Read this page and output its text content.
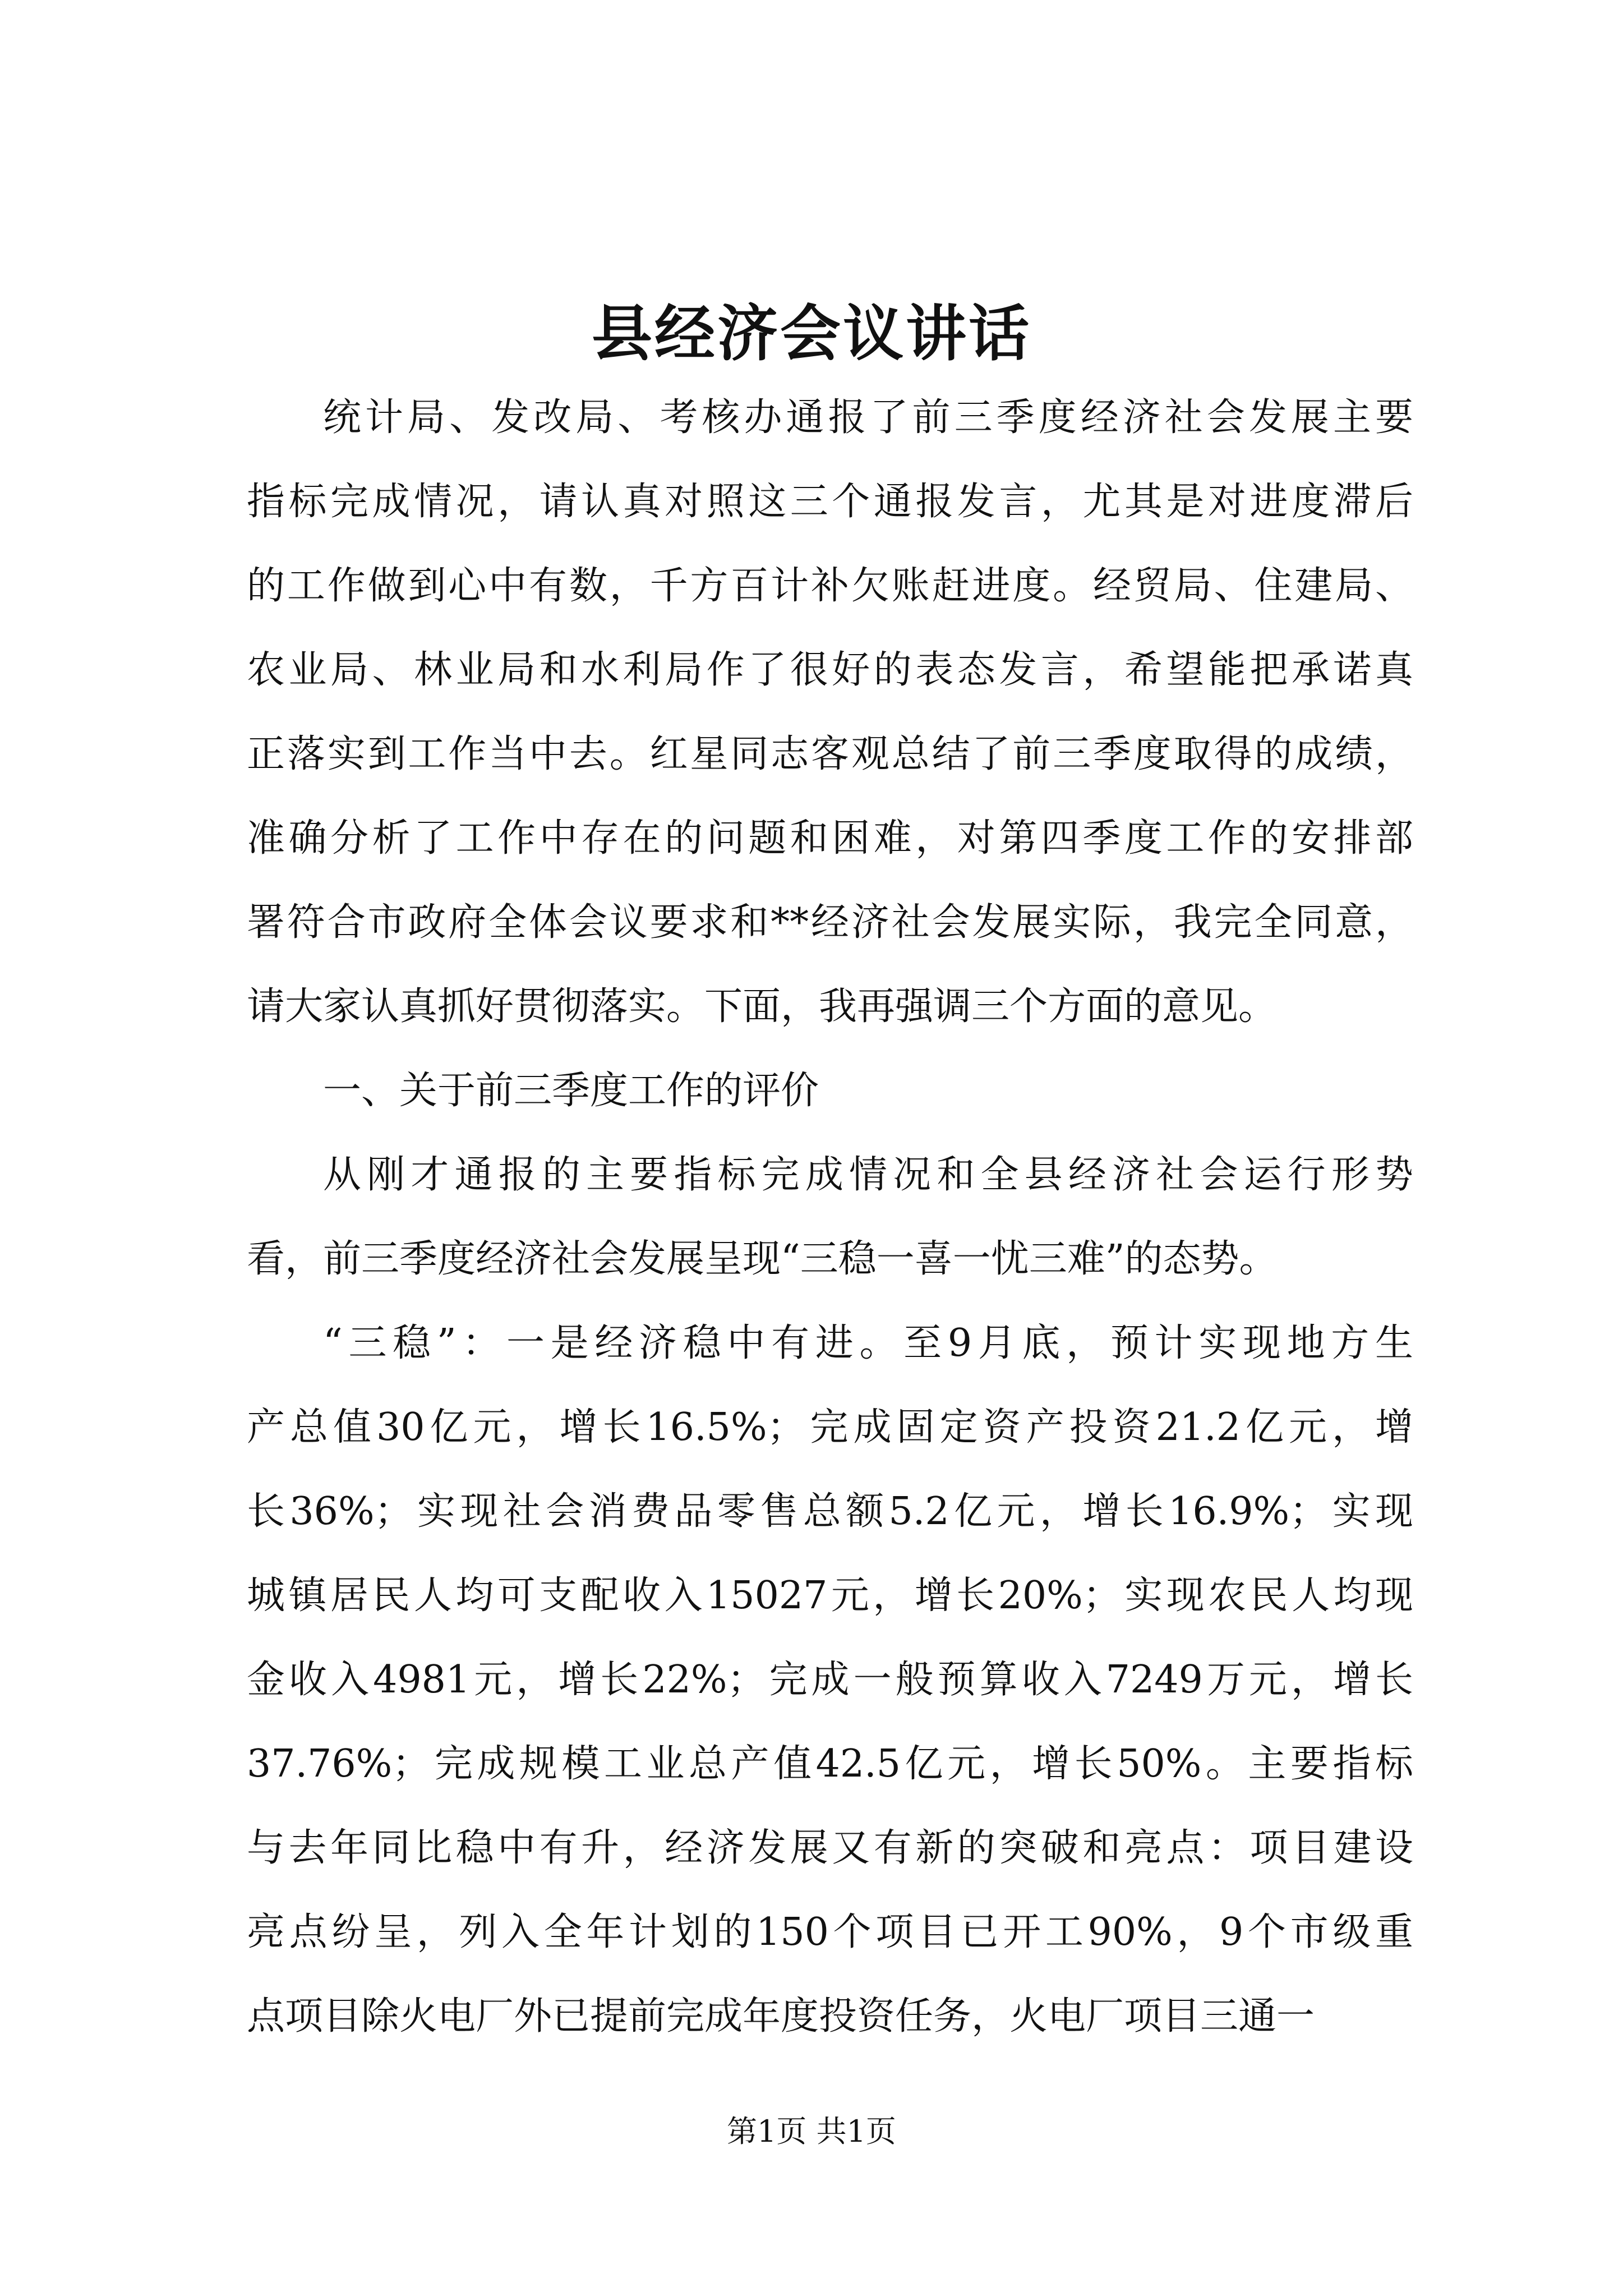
县经济会议讲话
统计局、发改局、考核办通报了前三季度经济社会发展主要
指标完成情况，请认真对照这三个通报发言，尤其是对进度滞后
的工作做到心中有数，千方百计补欠账赶进度。经贸局、住建局、
农业局、林业局和水利局作了很好的表态发言，希望能把承诺真
正落实到工作当中去。红星同志客观总结了前三季度取得的成绩，
准确分析了工作中存在的问题和困难，对第四季度工作的安排部
署符合市政府全体会议要求和**经济社会发展实际，我完全同意，
请大家认真抓好贯彻落实。下面，我再强调三个方面的意见。
一、关于前三季度工作的评价
从刚才通报的主要指标完成情况和全县经济社会运行形势
看，前三季度经济社会发展呈现“三稳一喜一忧三难”的态势。
“三稳”：一是经济稳中有进。至9月底，预计实现地方生
产总值30亿元，增长16.5%；完成固定资产投资21.2亿元，增
长36%；实现社会消费品零售总额5.2亿元，增长16.9%；实现
城镇居民人均可支配收入15027元，增长20%；实现农民人均现
金收入4981元，增长22%；完成一般预算收入7249万元，增长
37.76%；完成规模工业总产值42.5亿元，增长50%。主要指标
与去年同比稳中有升，经济发展又有新的突破和亮点：项目建设
亮点纷呈，列入全年计划的150个项目已开工90%，9个市级重
点项目除火电厂外已提前完成年度投资任务，火电厂项目三通一
第1页 共1页
